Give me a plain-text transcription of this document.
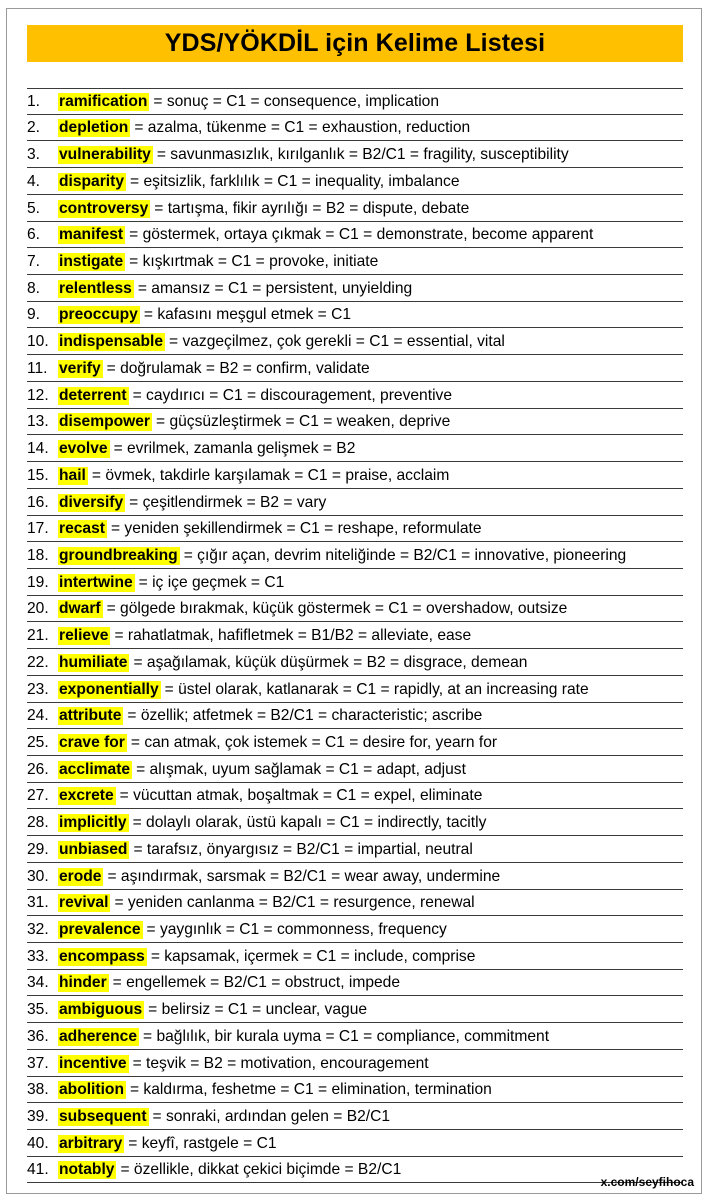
YDS/YÖKDİL için Kelime Listesi
1.	ramification = sonuç = C1 = consequence, implication
2.	depletion = azalma, tükenme = C1 = exhaustion, reduction
3.	vulnerability = savunmasızlık, kırılganlık = B2/C1 = fragility, susceptibility
4.	disparity = eşitsizlik, farklılık = C1 = inequality, imbalance
5.	controversy = tartışma, fikir ayrılığı = B2 = dispute, debate
6.	manifest = göstermek, ortaya çıkmak = C1 = demonstrate, become apparent
7.	instigate = kışkırtmak = C1 = provoke, initiate
8.	relentless = amansız = C1 = persistent, unyielding
9.	preoccupy = kafasını meşgul etmek = C1
10. indispensable = vazgeçilmez, çok gerekli = C1 = essential, vital
11. verify = doğrulamak = B2 = confirm, validate
12. deterrent = caydırıcı = C1 = discouragement, preventive
13. disempower = güçsüzleştirmek = C1 = weaken, deprive
14. evolve = evrilmek, zamanla gelişmek = B2
15. hail = övmek, takdirle karşılamak = C1 = praise, acclaim
16. diversify = çeşitlendirmek = B2 = vary
17. recast = yeniden şekillendirmek = C1 = reshape, reformulate
18. groundbreaking = çığır açan, devrim niteliğinde = B2/C1 = innovative, pioneering
19. intertwine = iç içe geçmek = C1
20. dwarf = gölgede bırakmak, küçük göstermek = C1 = overshadow, outsize
21. relieve = rahatlatmak, hafifletmek = B1/B2 = alleviate, ease
22. humiliate = aşağılamak, küçük düşürmek = B2 = disgrace, demean
23. exponentially = üstel olarak, katlanarak = C1 = rapidly, at an increasing rate
24. attribute = özellik; atfetmek = B2/C1 = characteristic; ascribe
25. crave for = can atmak, çok istemek = C1 = desire for, yearn for
26. acclimate = alışmak, uyum sağlamak = C1 = adapt, adjust
27. excrete = vücuttan atmak, boşaltmak = C1 = expel, eliminate
28. implicitly = dolaylı olarak, üstü kapalı = C1 = indirectly, tacitly
29. unbiased = tarafsız, önyargısız = B2/C1 = impartial, neutral
30. erode = aşındırmak, sarsmak = B2/C1 = wear away, undermine
31. revival = yeniden canlanma = B2/C1 = resurgence, renewal
32. prevalence = yaygınlık = C1 = commonness, frequency
33. encompass = kapsamak, içermek = C1 = include, comprise
34. hinder = engellemek = B2/C1 = obstruct, impede
35. ambiguous = belirsiz = C1 = unclear, vague
36. adherence = bağlılık, bir kurala uyma = C1 = compliance, commitment
37. incentive = teşvik = B2 = motivation, encouragement
38. abolition = kaldırma, feshetme = C1 = elimination, termination
39. subsequent = sonraki, ardından gelen = B2/C1
40. arbitrary = keyfî, rastgele = C1
41. notably = özellikle, dikkat çekici biçimde = B2/C1
x.com/seyfihoca
